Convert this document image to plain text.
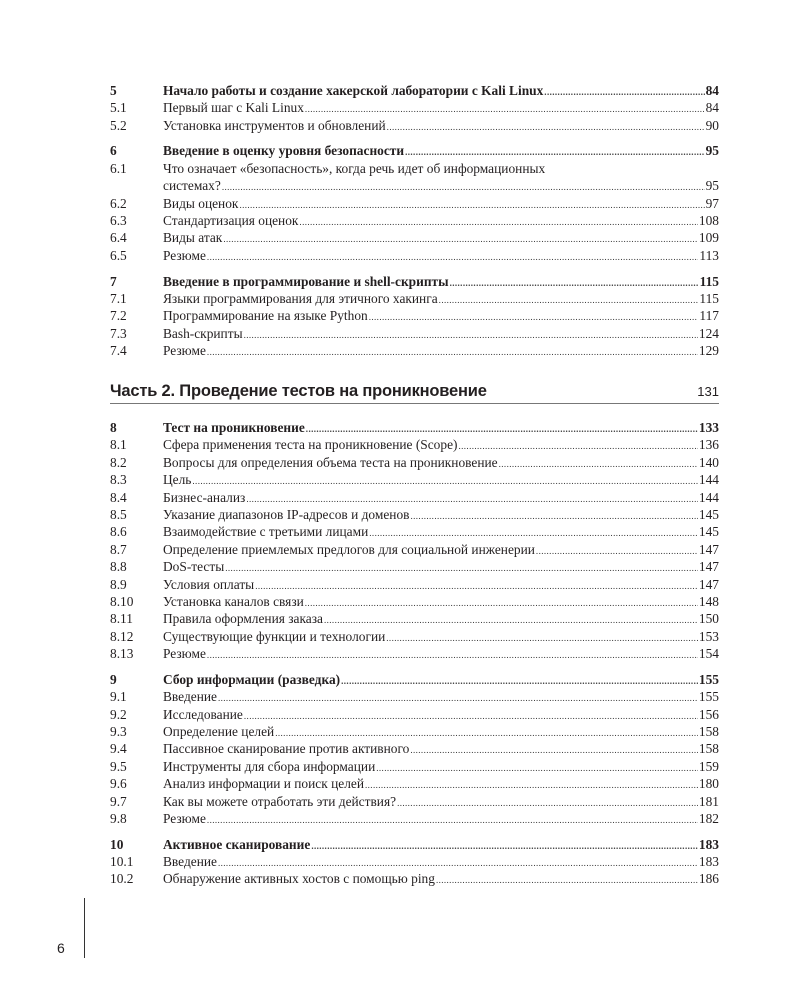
5	Начало работы и создание хакерской лаборатории с Kali Linux .....	84
5.1	Первый шаг с Kali Linux .....	84
5.2	Установка инструментов и обновлений .....	90
6	Введение в оценку уровня безопасности .....	95
6.1	Что означает «безопасность», когда речь идет об информационных
системах? .....	95
6.2	Виды оценок .....	97
6.3	Стандартизация оценок .....	108
6.4	Виды атак .....	109
6.5	Резюме .....	113
7	Введение в программирование и shell-скрипты .....	115
7.1	Языки программирования для этичного хакинга .....	115
7.2	Программирование на языке Python .....	117
7.3	Bash-скрипты .....	124
7.4	Резюме .....	129
Часть 2. Проведение тестов на проникновение	131
8	Тест на проникновение .....	133
8.1	Сфера применения теста на проникновение (Scope) .....	136
8.2	Вопросы для определения объема теста на проникновение .....	140
8.3	Цель .....	144
8.4	Бизнес-анализ .....	144
8.5	Указание диапазонов IP-адресов и доменов .....	145
8.6	Взаимодействие с третьими лицами .....	145
8.7	Определение приемлемых предлогов для социальной инженерии .....	147
8.8	DoS-тесты .....	147
8.9	Условия оплаты .....	147
8.10	Установка каналов связи .....	148
8.11	Правила оформления заказа .....	150
8.12	Существующие функции и технологии .....	153
8.13	Резюме .....	154
9	Сбор информации (разведка) .....	155
9.1	Введение .....	155
9.2	Исследование .....	156
9.3	Определение целей .....	158
9.4	Пассивное сканирование против активного .....	158
9.5	Инструменты для сбора информации .....	159
9.6	Анализ информации и поиск целей .....	180
9.7	Как вы можете отработать эти действия? .....	181
9.8	Резюме .....	182
10	Активное сканирование .....	183
10.1	Введение .....	183
10.2	Обнаружение активных хостов с помощью ping .....	186
6
